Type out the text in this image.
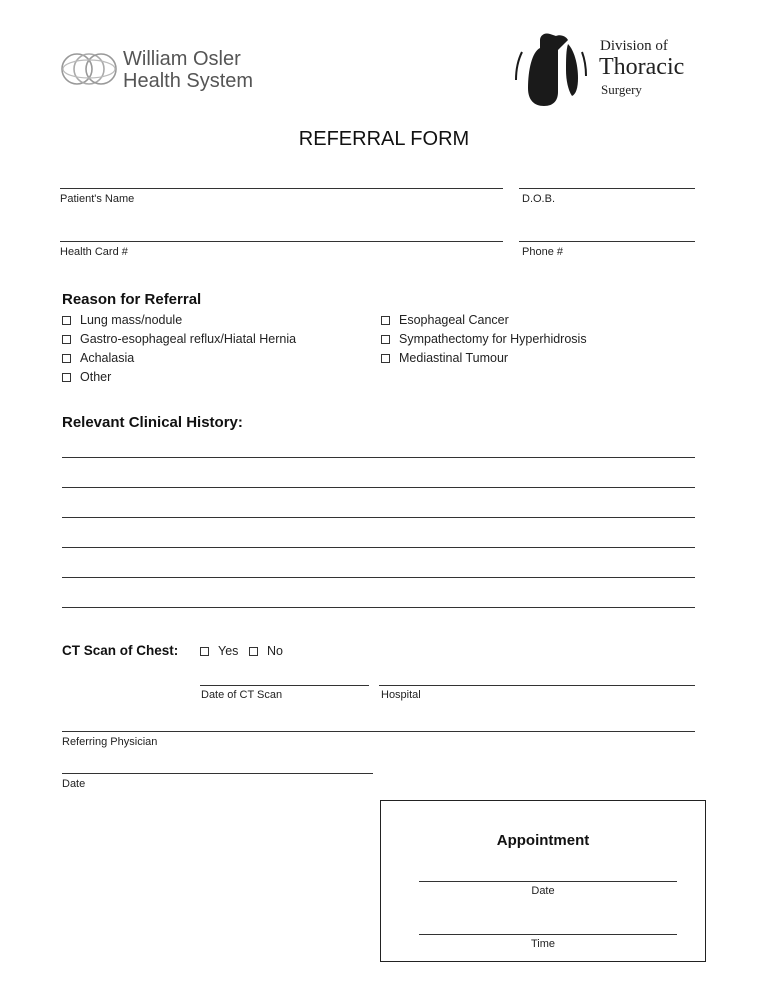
William Osler
Health System
Division of
Thoracic
Surgery
REFERRAL FORM
Patient's Name	D.O.B.
Health Card #	Phone #
Reason for Referral
Lung mass/nodule
Gastro-esophageal reflux/Hiatal Hernia
Achalasia
Other
Esophageal Cancer
Sympathectomy for Hyperhidrosis
Mediastinal Tumour
Relevant Clinical History:
CT Scan of Chest:	Yes No
Date of CT Scan	Hospital
Referring Physician
Date
Appointment
Date
Time
